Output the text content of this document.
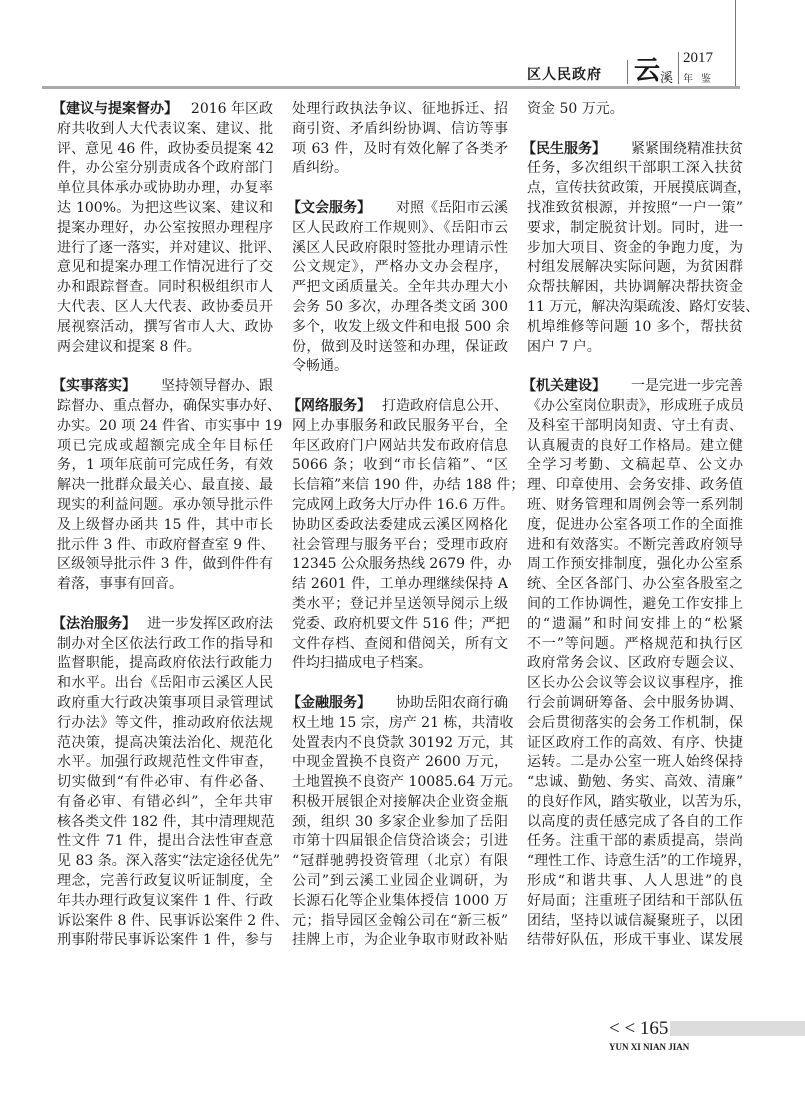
区人民政府 云 溪
2017
年鉴
【建议与提案督办】 2016 年区政
府共收到人大代表议案、建议、批
评、意见 46 件，政协委员提案 42
件，办公室分别责成各个政府部门
单位具体承办或协助办理，办复率
达 100%。为把这些议案、建议和
提案办理好，办公室按照办理程序
进行了逐一落实，并对建议、批评、
意见和提案办理工作情况进行了交
办和跟踪督查。同时积极组织市人
大代表、区人大代表、政协委员开
展视察活动，撰写省市人大、政协
两会建议和提案 8 件。
【实事落实】 坚持领导督办、跟
踪督办、重点督办，确保实事办好、
办实。20 项 24 件省、市实事中 19
项已完成或超额完成全年目标任
务，1 项年底前可完成任务，有效
解决一批群众最关心、最直接、最
现实的利益问题。承办领导批示件
及上级督办函共 15 件，其中市长
批示件 3 件、市政府督查室 9 件、
区级领导批示件 3 件，做到件件有
着落，事事有回音。
【法治服务】 进一步发挥区政府法
制办对全区依法行政工作的指导和
监督职能，提高政府依法行政能力
和水平。出台《岳阳市云溪区人民
政府重大行政决策事项目录管理试
行办法》等文件，推动政府依法规
范决策，提高决策法治化、规范化
水平。加强行政规范性文件审查，
切实做到“有件必审、有件必备、
有备必审、有错必纠”，全年共审
核各类文件 182 件，其中清理规范
性文件 71 件，提出合法性审查意
见 83 条。深入落实“法定途径优先”
理念，完善行政复议听证制度，全
年共办理行政复议案件 1 件、行政
诉讼案件 8 件、民事诉讼案件 2 件、
刑事附带民事诉讼案件 1 件，参与
处理行政执法争议、征地拆迁、招
商引资、矛盾纠纷协调、信访等事
项 63 件，及时有效化解了各类矛
盾纠纷。
【文会服务】 对照《岳阳市云溪
区人民政府工作规则》、《岳阳市云
溪区人民政府限时签批办理请示性
公文规定》，严格办文办会程序，
严把文函质量关。全年共办理大小
会务 50 多次，办理各类文函 300
多个，收发上级文件和电报 500 余
份，做到及时送签和办理，保证政
令畅通。
【网络服务】 打造政府信息公开、
网上办事服务和政民服务平台，全
年区政府门户网站共发布政府信息
5066 条；收到“市长信箱”、“区
长信箱”来信 190 件，办结 188 件；
完成网上政务大厅办件 16.6 万件。
协助区委政法委建成云溪区网格化
社会管理与服务平台；受理市政府
12345 公众服务热线 2679 件，办
结 2601 件，工单办理继续保持 A
类水平；登记并呈送领导阅示上级
党委、政府机要文件 516 件；严把
文件存档、查阅和借阅关，所有文
件均扫描成电子档案。
【金融服务】 协助岳阳农商行确
权土地 15 宗，房产 21 栋，共清收
处置表内不良贷款 30192 万元，其
中现金置换不良资产 2600 万元，
土地置换不良资产 10085.64 万元。
积极开展银企对接解决企业资金瓶
颈，组织 30 多家企业参加了岳阳
市第十四届银企信贷洽谈会；引进
“冠群驰骋投资管理（北京）有限
公司”到云溪工业园企业调研，为
长源石化等企业集体授信 1000 万
元；指导园区金翰公司在“新三板”
挂牌上市，为企业争取市财政补贴
资金 50 万元。
【民生服务】 紧紧围绕精准扶贫
任务，多次组织干部职工深入扶贫
点，宣传扶贫政策，开展摸底调查，
找准致贫根源，并按照“一户一策”
要求，制定脱贫计划。同时，进一
步加大项目、资金的争跑力度，为
村组发展解决实际问题，为贫困群
众帮扶解困，共协调解决帮扶资金
11 万元，解决沟渠疏浚、路灯安装、
机埠维修等问题 10 多个，帮扶贫
困户 7 户。
【机关建设】 一是完进一步完善
《办公室岗位职责》，形成班子成员
及科室干部明岗知责、守土有责、
认真履责的良好工作格局。建立健
全学习考勤、文稿起草、公文办
理、印章使用、会务安排、政务值
班、财务管理和周例会等一系列制
度，促进办公室各项工作的全面推
进和有效落实。不断完善政府领导
周工作预安排制度，强化办公室系
统、全区各部门、办公室各股室之
间的工作协调性，避免工作安排上
的“遗漏”和时间安排上的“松紧
不一”等问题。严格规范和执行区
政府常务会议、区政府专题会议、
区长办公会议等会议议事程序，推
行会前调研筹备、会中服务协调、
会后贯彻落实的会务工作机制，保
证区政府工作的高效、有序、快捷
运转。二是办公室一班人始终保持
“忠诚、勤勉、务实、高效、清廉”
的良好作风，踏实敬业，以苦为乐，
以高度的责任感完成了各自的工作
任务。注重干部的素质提高，崇尚
“理性工作、诗意生活”的工作境界，
形成“和谐共事、人人思进”的良
好局面；注重班子团结和干部队伍
团结，坚持以诚信凝聚班子，以团
结带好队伍，形成干事业、谋发展
< < 165
YUN XI NIAN JIAN
